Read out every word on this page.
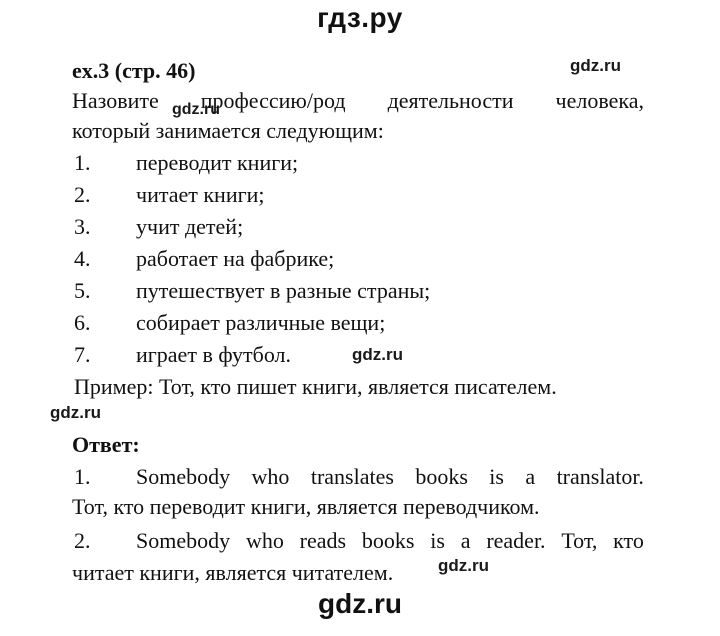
гдз.ру
ex.3 (стр. 46)	gdz.ru
Назовите профессию/род деятельности человека,
gdz.ru
который занимается следующим:
1. переводит книги;
2. читает книги;
3. учит детей;
4. работает на фабрике;
5. путешествует в разные страны;
6. собирает различные вещи;
7. играет в футбол.	gdz.ru
Пример: Тот, кто пишет книги, является писателем.
gdz.ru
Ответ:
1. Somebody who translates books is a translator.
Тот, кто переводит книги, является переводчиком.
2. Somebody who reads books is a reader. Тот, кто
читает книги, является читателем.	gdz.ru
gdz.ru
